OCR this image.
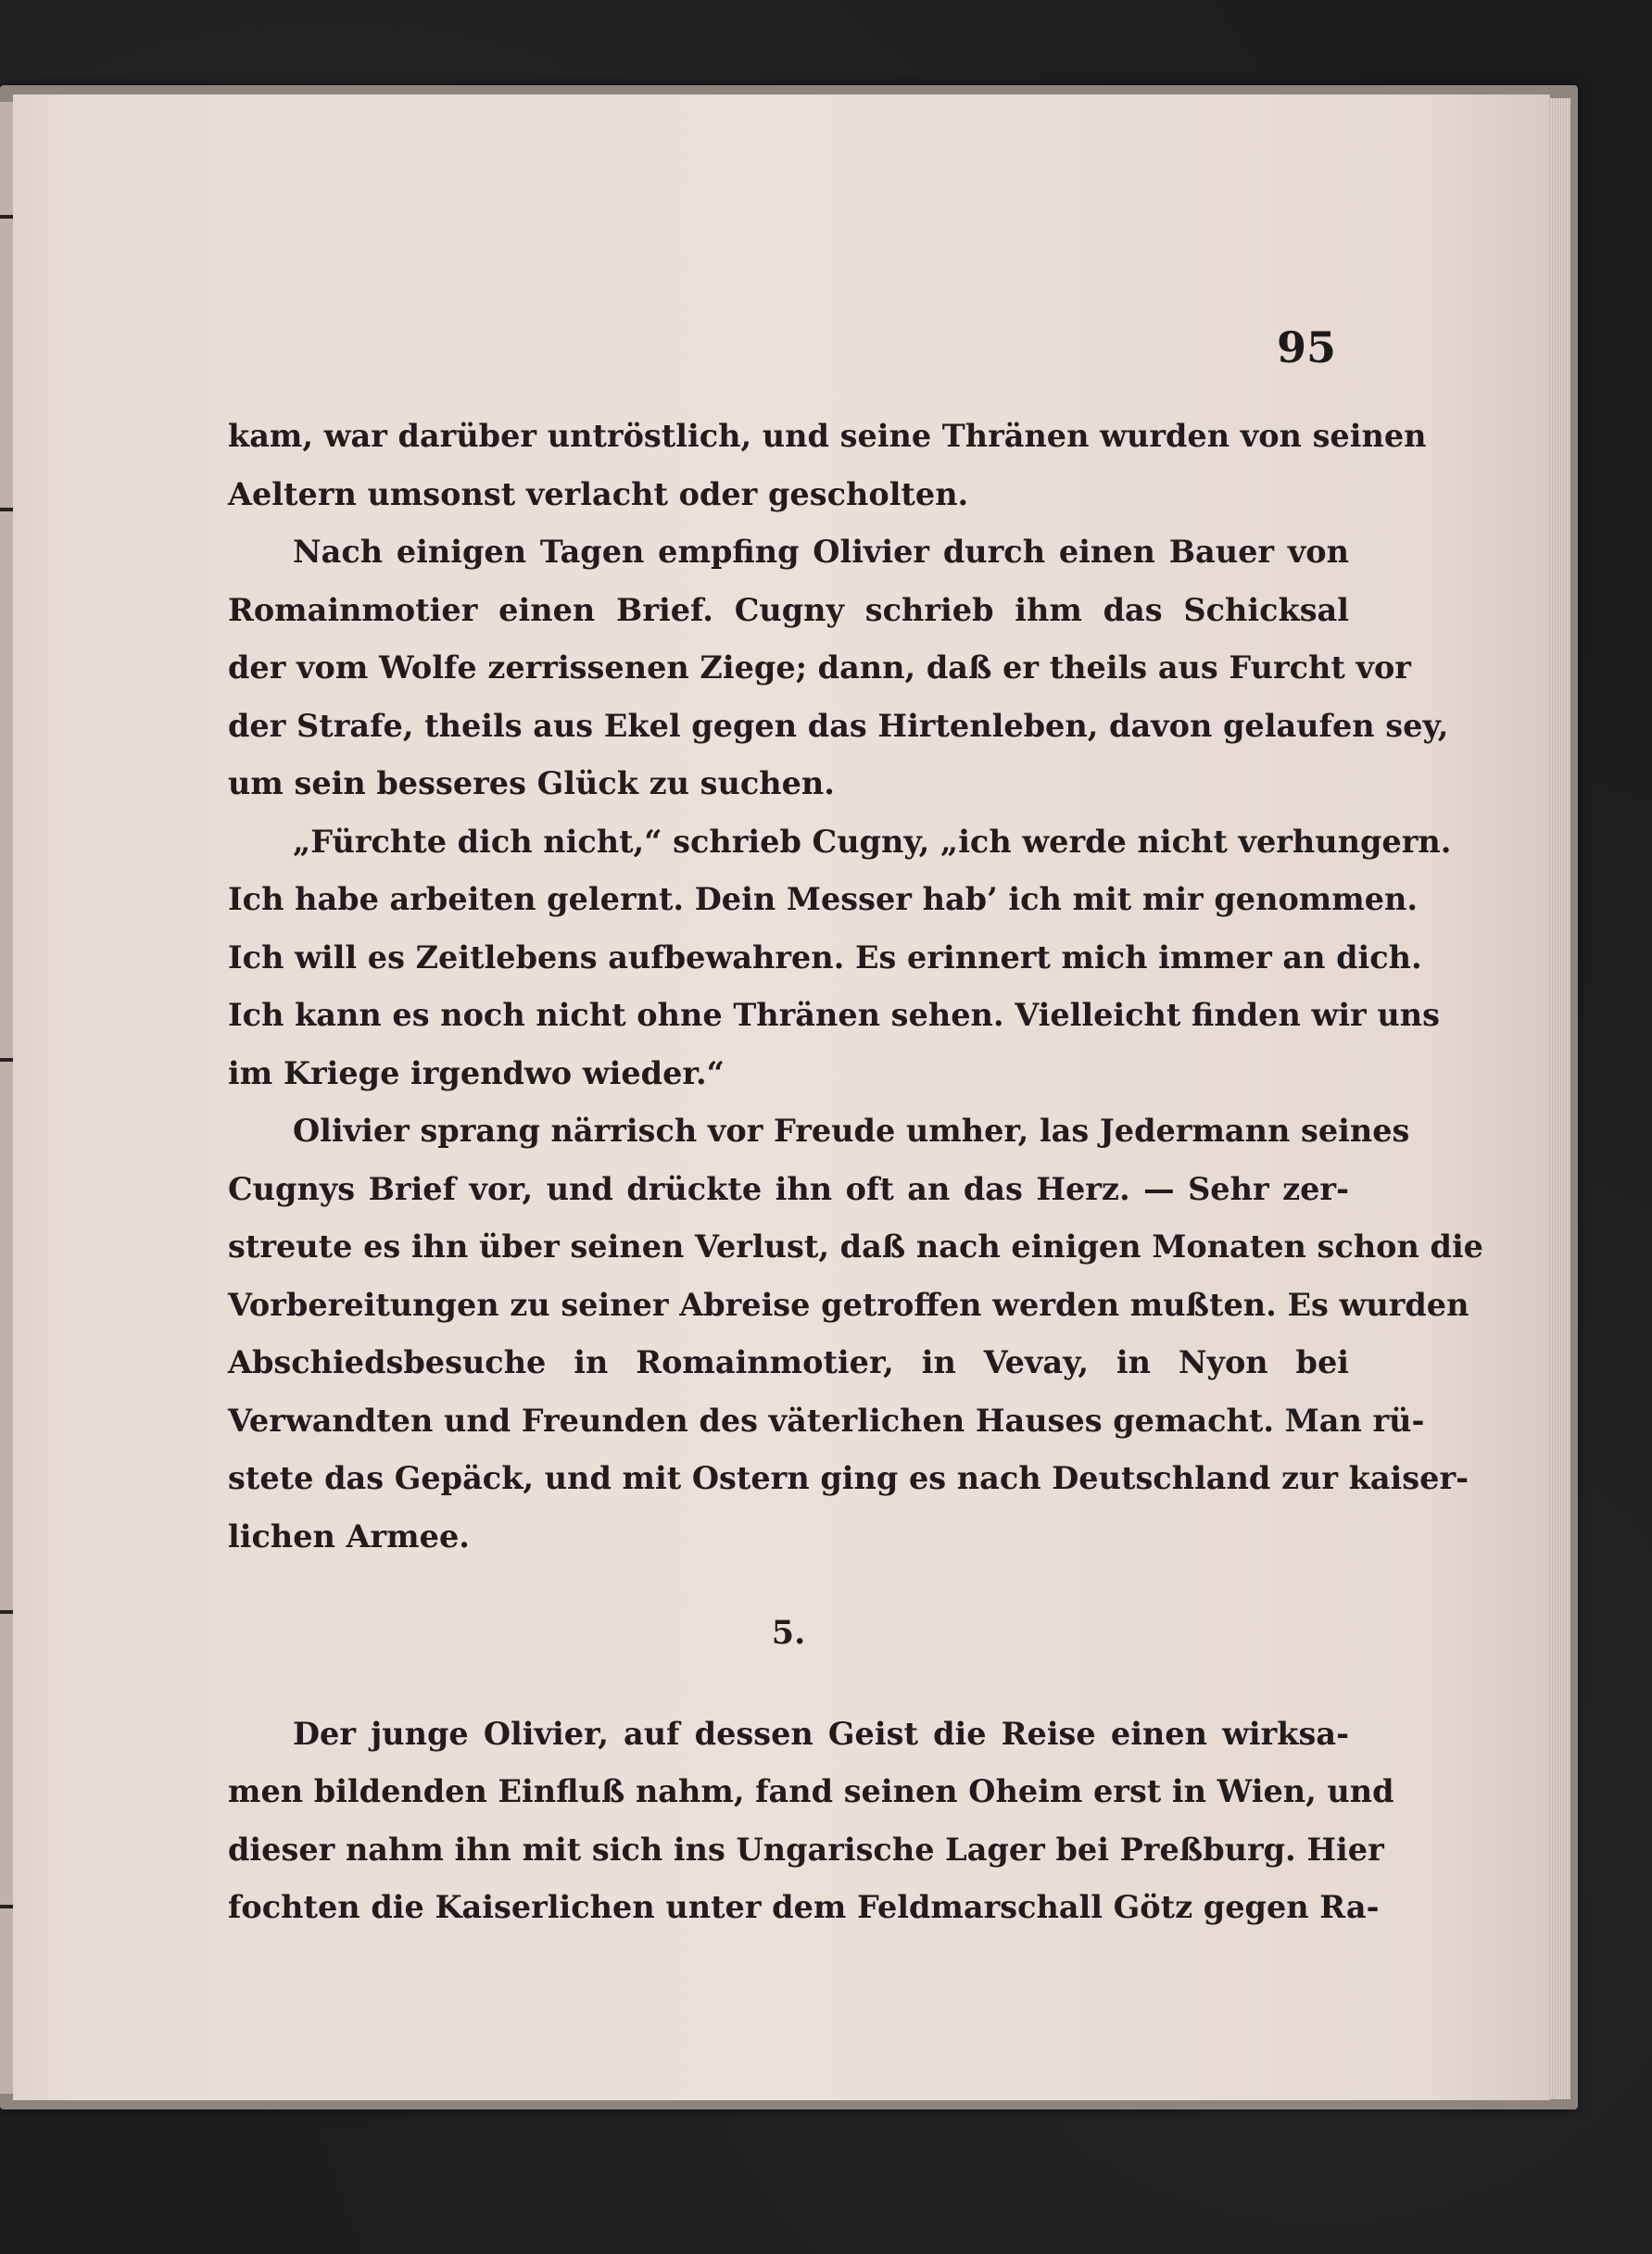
95
kam, war darüber untröstlich, und seine Thränen wurden von seinen
Aeltern umsonst verlacht oder gescholten.
Nach einigen Tagen empfing Olivier durch einen Bauer von
Romainmotier einen Brief. Cugny schrieb ihm das Schicksal
der vom Wolfe zerrissenen Ziege; dann, daß er theils aus Furcht vor
der Strafe, theils aus Ekel gegen das Hirtenleben, davon gelaufen sey,
um sein besseres Glück zu suchen.
„Fürchte dich nicht,“ schrieb Cugny, „ich werde nicht verhungern.
Ich habe arbeiten gelernt. Dein Messer hab’ ich mit mir genommen.
Ich will es Zeitlebens aufbewahren. Es erinnert mich immer an dich.
Ich kann es noch nicht ohne Thränen sehen. Vielleicht finden wir uns
im Kriege irgendwo wieder.“
Olivier sprang närrisch vor Freude umher, las Jedermann seines
Cugnys Brief vor, und drückte ihn oft an das Herz. — Sehr zer-
streute es ihn über seinen Verlust, daß nach einigen Monaten schon die
Vorbereitungen zu seiner Abreise getroffen werden mußten. Es wurden
Abschiedsbesuche in Romainmotier, in Vevay, in Nyon bei
Verwandten und Freunden des väterlichen Hauses gemacht. Man rü-
stete das Gepäck, und mit Ostern ging es nach Deutschland zur kaiser-
lichen Armee.
5.
Der junge Olivier, auf dessen Geist die Reise einen wirksa-
men bildenden Einfluß nahm, fand seinen Oheim erst in Wien, und
dieser nahm ihn mit sich ins Ungarische Lager bei Preßburg. Hier
fochten die Kaiserlichen unter dem Feldmarschall Götz gegen Ra-
